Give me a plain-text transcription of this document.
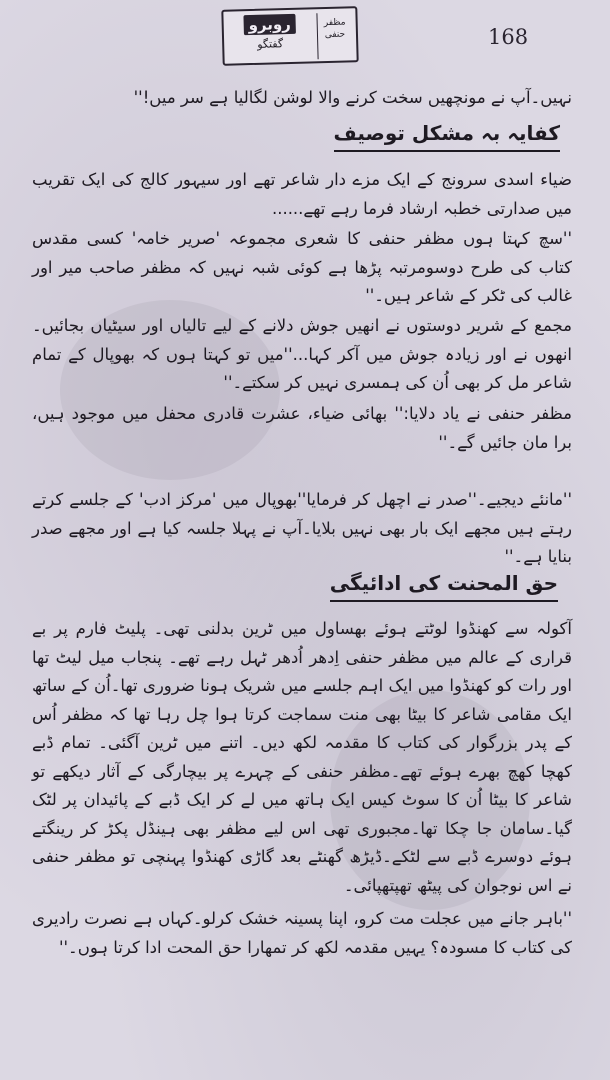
روبرو
گفتگو
مظفر حنفی	168
نہیں۔آپ نے مونچھیں سخت کرنے والا لوشن لگالیا ہے سر میں!''
کفایہ بہ مشکل توصیف
ضیاء اسدی سرونج کے ایک مزے دار شاعر تھے اور سیہور کالج کی ایک تقریب میں صدارتی خطبہ ارشاد فرما رہے تھے......
''سچ کہتا ہوں مظفر حنفی کا شعری مجموعہ 'صریر خامہ' کسی مقدس کتاب کی طرح دوسومرتبہ پڑھا ہے کوئی شبہ نہیں کہ مظفر صاحب میر اور غالب کی ٹکر کے شاعر ہیں۔''
مجمع کے شریر دوستوں نے انھیں جوش دلانے کے لیے تالیاں اور سیٹیاں بجائیں۔ انھوں نے اور زیادہ جوش میں آکر کہا...''میں تو کہتا ہوں کہ بھوپال کے تمام شاعر مل کر بھی اُن کی ہمسری نہیں کر سکتے۔''
مظفر حنفی نے یاد دلایا:'' بھائی ضیاء، عشرت قادری محفل میں موجود ہیں، برا مان جائیں گے۔''
''مانئے دیجیے۔''صدر نے اچھل کر فرمایا''بھوپال میں 'مرکز ادب' کے جلسے کرتے رہتے ہیں مجھے ایک بار بھی نہیں بلایا۔آپ نے پہلا جلسہ کیا ہے اور مجھے صدر بنایا ہے۔''
حق المحنت کی ادائیگی
آکولہ سے کھنڈوا لوٹتے ہوئے بھساول میں ٹرین بدلنی تھی۔ پلیٹ فارم پر بے قراری کے عالم میں مظفر حنفی اِدھر اُدھر ٹہل رہے تھے۔ پنجاب میل لیٹ تھا اور رات کو کھنڈوا میں ایک اہم جلسے میں شریک ہونا ضروری تھا۔اُن کے ساتھ ایک مقامی شاعر کا بیٹا بھی منت سماجت کرتا ہوا چل رہا تھا کہ مظفر اُس کے پدر بزرگوار کی کتاب کا مقدمہ لکھ دیں۔ اتنے میں ٹرین آگئی۔ تمام ڈبے کھچا کھچ بھرے ہوئے تھے۔مظفر حنفی کے چہرے پر بیچارگی کے آثار دیکھے تو شاعر کا بیٹا اُن کا سوٹ کیس ایک ہاتھ میں لے کر ایک ڈبے کے پائیدان پر لٹک گیا۔سامان جا چکا تھا۔مجبوری تھی اس لیے مظفر بھی ہینڈل پکڑ کر رینگتے ہوئے دوسرے ڈبے سے لٹکے۔ڈیڑھ گھنٹے بعد گاڑی کھنڈوا پہنچی تو مظفر حنفی نے اس نوجوان کی پیٹھ تھپتھپائی۔
''باہر جانے میں عجلت مت کرو، اپنا پسینہ خشک کرلو۔کہاں ہے نصرت رادیری کی کتاب کا مسودہ؟ یہیں مقدمہ لکھ کر تمھارا حق المحت ادا کرتا ہوں۔''
